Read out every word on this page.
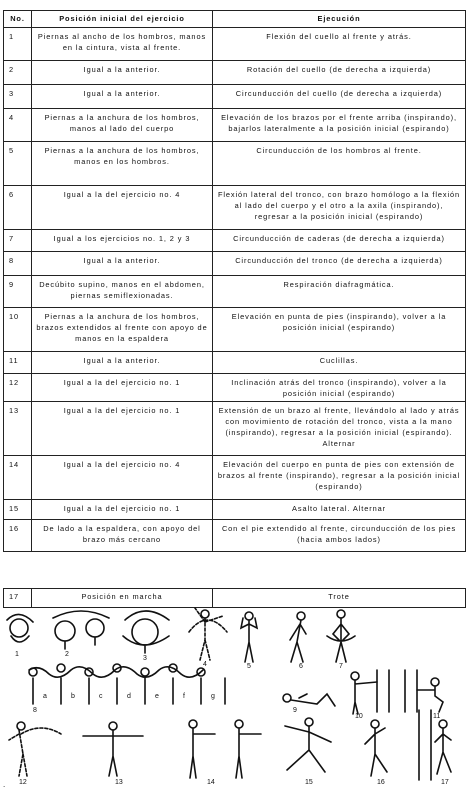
No.	Posición inicial del ejercicio	Ejecución
1	Piernas al ancho de los hombros, manos en la cintura, vista al frente.	Flexión del cuello al frente y atrás.
2	Igual a la anterior.	Rotación del cuello (de derecha a izquierda)
3	Igual a la anterior.	Circunducción del cuello (de derecha a izquierda)
4	Piernas a la anchura de los hombros, manos al lado del cuerpo	Elevación de los brazos por el frente arriba (inspirando), bajarlos lateralmente a la posición inicial (espirando)
5	Piernas a la anchura de los hombros, manos en los hombros.	Circunducción de los hombros al frente.
6	Igual a la del ejercicio no. 4	Flexión lateral del tronco, con brazo homólogo a la flexión al lado del cuerpo y el otro a la axila (inspirando), regresar a la posición inicial (espirando)
7	Igual a los ejercicios no. 1, 2 y 3	Circunducción de caderas (de derecha a izquierda)
8	Igual a la anterior.	Circunducción del tronco (de derecha a izquierda)
9	Decúbito supino, manos en el abdomen, piernas semiflexionadas.	Respiración diafragmática.
10	Piernas a la anchura de los hombros, brazos extendidos al frente con apoyo de manos en la espaldera	Elevación en punta de pies (inspirando), volver a la posición inicial (espirando)
11	Igual a la anterior.	Cuclillas.
12	Igual a la del ejercicio no. 1	Inclinación atrás del tronco (inspirando), volver a la posición inicial (espirando)
13	Igual a la del ejercicio no. 1	Extensión de un brazo al frente, llevándolo al lado y atrás con movimiento de rotación del tronco, vista a la mano (inspirando), regresar a la posición inicial (espirando). Alternar
14	Igual a la del ejercicio no. 4	Elevación del cuerpo en punta de pies con extensión de brazos al frente (inspirando), regresar a la posición inicial (espirando)
15	Igual a la del ejercicio no. 1	Asalto lateral. Alternar
16	De lado a la espaldera, con apoyo del brazo más cercano	Con el pie extendido al frente, circunducción de los pies (hacia ambos lados)
17	Posición en marcha	Trote
1	2
3
4	5	6	7
8	9
10	11
12	13	14	15	16	17
a	b	c	d	e	f	g
.
